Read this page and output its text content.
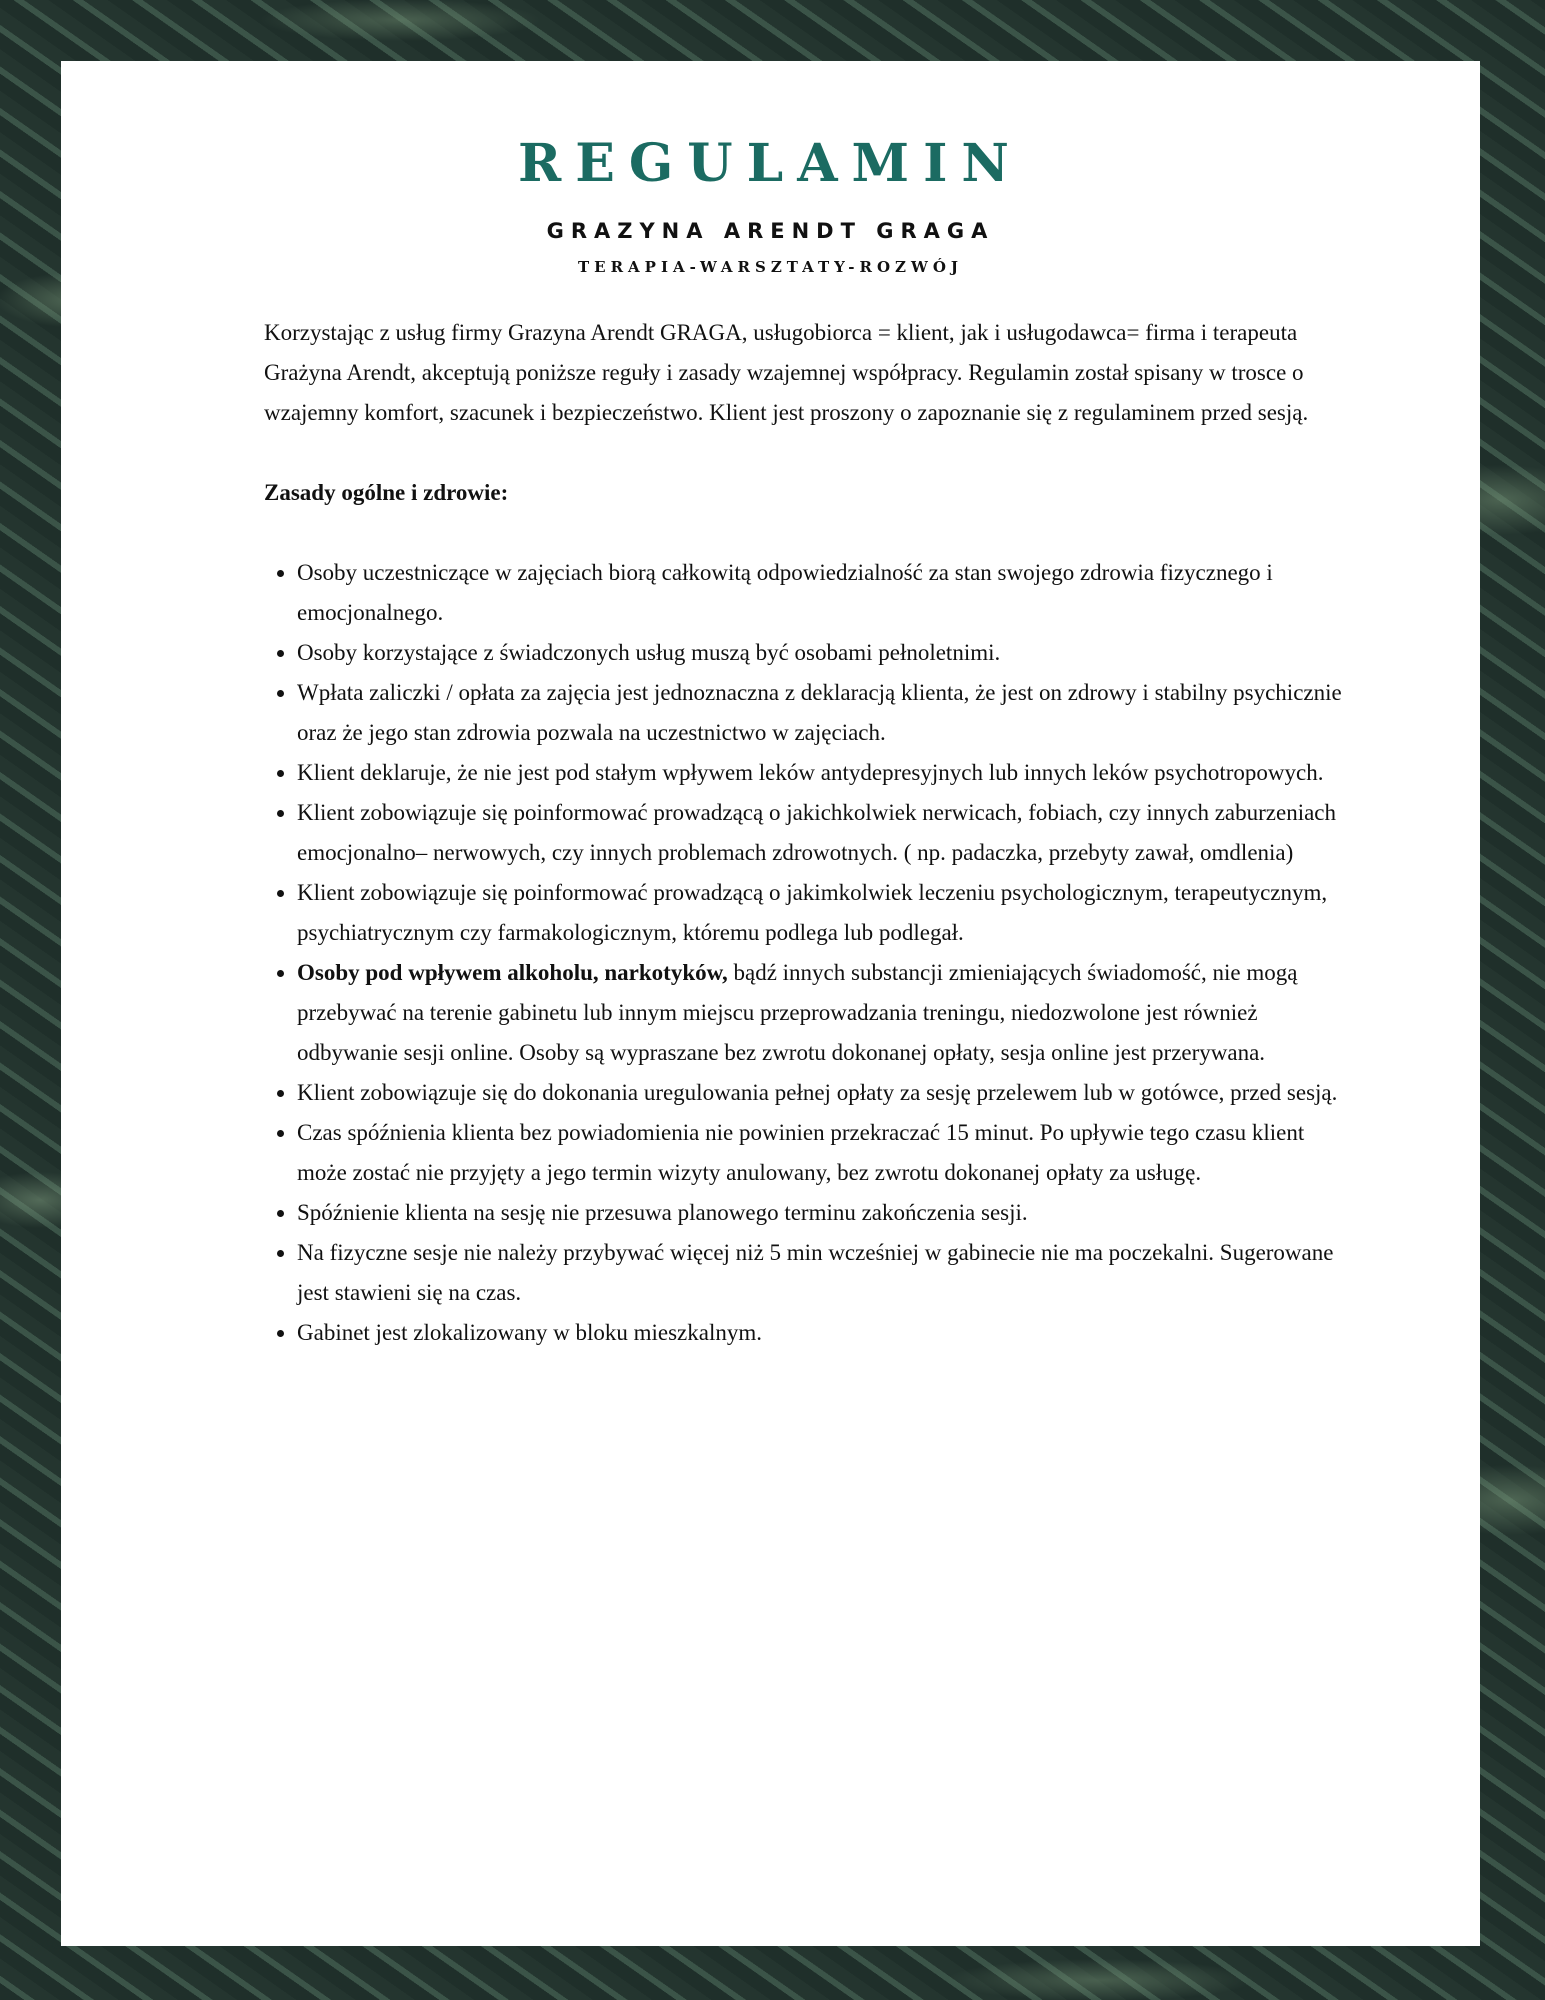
REGULAMIN
GRAZYNA ARENDT GRAGA
TERAPIA-WARSZTATY-ROZWÓJ

Korzystając z usług firmy Grazyna Arendt GRAGA, usługobiorca = klient, jak i usługodawca= firma i terapeuta Grażyna Arendt, akceptują poniższe reguły i zasady wzajemnej współpracy. Regulamin został spisany w trosce o wzajemny komfort, szacunek i bezpieczeństwo. Klient jest proszony o zapoznanie się z regulaminem przed sesją.

Zasady ogólne i zdrowie:

• Osoby uczestniczące w zajęciach biorą całkowitą odpowiedzialność za stan swojego zdrowia fizycznego i emocjonalnego.
• Osoby korzystające z świadczonych usług muszą być osobami pełnoletnimi.
• Wpłata zaliczki / opłata za zajęcia jest jednoznaczna z deklaracją klienta, że jest on zdrowy i stabilny psychicznie oraz że jego stan zdrowia pozwala na uczestnictwo w zajęciach.
• Klient deklaruje, że nie jest pod stałym wpływem leków antydepresyjnych lub innych leków psychotropowych.
• Klient zobowiązuje się poinformować prowadzącą o jakichkolwiek nerwicach, fobiach, czy innych zaburzeniach emocjonalno– nerwowych, czy innych problemach zdrowotnych. ( np. padaczka, przebyty zawał, omdlenia)
• Klient zobowiązuje się poinformować prowadzącą o jakimkolwiek leczeniu psychologicznym, terapeutycznym, psychiatrycznym czy farmakologicznym, któremu podlega lub podlegał.
• Osoby pod wpływem alkoholu, narkotyków, bądź innych substancji zmieniających świadomość, nie mogą przebywać na terenie gabinetu lub innym miejscu przeprowadzania treningu, niedozwolone jest również odbywanie sesji online. Osoby są wypraszane bez zwrotu dokonanej opłaty, sesja online jest przerywana.
• Klient zobowiązuje się do dokonania uregulowania pełnej opłaty za sesję przelewem lub w gotówce, przed sesją.
• Czas spóźnienia klienta bez powiadomienia nie powinien przekraczać 15 minut. Po upływie tego czasu klient może zostać nie przyjęty a jego termin wizyty anulowany, bez zwrotu dokonanej opłaty za usługę.
• Spóźnienie klienta na sesję nie przesuwa planowego terminu zakończenia sesji.
• Na fizyczne sesje nie należy przybywać więcej niż 5 min wcześniej w gabinecie nie ma poczekalni. Sugerowane jest stawieni się na czas.
• Gabinet jest zlokalizowany w bloku mieszkalnym.
